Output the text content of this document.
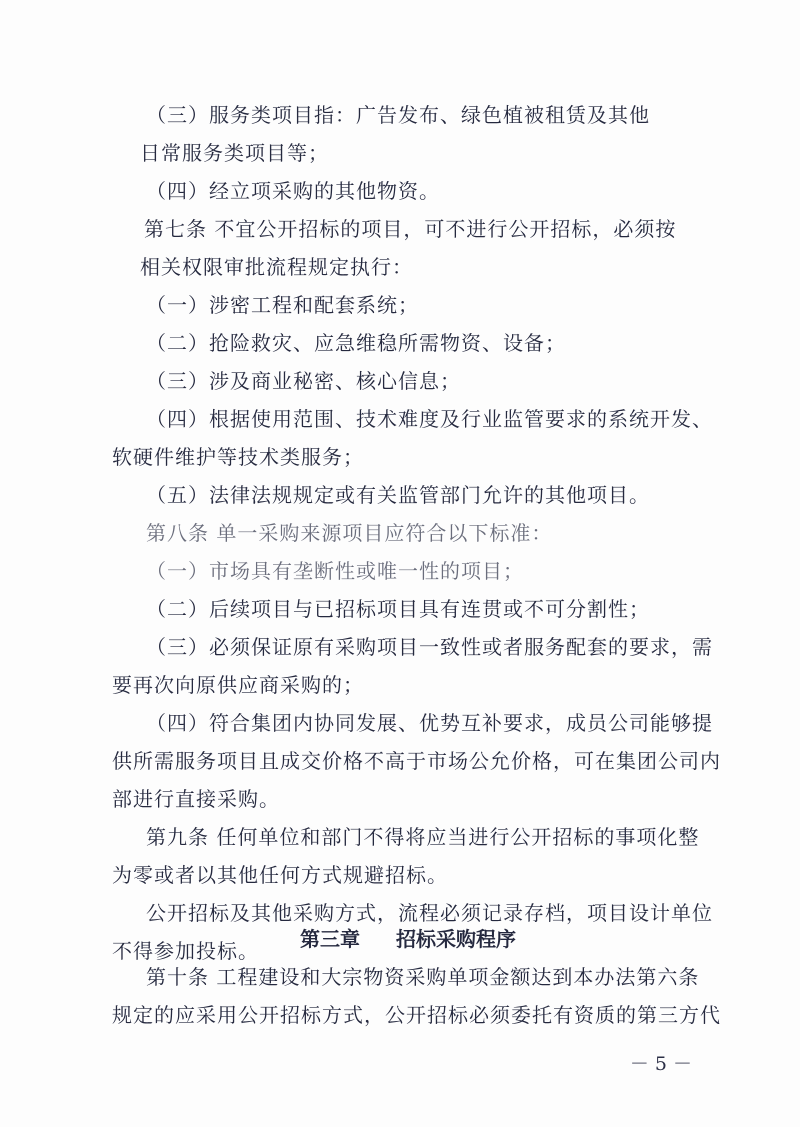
（三）服务类项目指：广告发布、绿色植被租赁及其他
日常服务类项目等；
（四）经立项采购的其他物资。
第七条 不宜公开招标的项目，可不进行公开招标，必须按
相关权限审批流程规定执行：
（一）涉密工程和配套系统；
（二）抢险救灾、应急维稳所需物资、设备；
（三）涉及商业秘密、核心信息；
（四）根据使用范围、技术难度及行业监管要求的系统开发、
软硬件维护等技术类服务；
（五）法律法规规定或有关监管部门允许的其他项目。
第八条 单一采购来源项目应符合以下标准：
（一）市场具有垄断性或唯一性的项目；
（二）后续项目与已招标项目具有连贯或不可分割性；
（三）必须保证原有采购项目一致性或者服务配套的要求，需
要再次向原供应商采购的；
（四）符合集团内协同发展、优势互补要求，成员公司能够提
供所需服务项目且成交价格不高于市场公允价格，可在集团公司内
部进行直接采购。
第九条 任何单位和部门不得将应当进行公开招标的事项化整
为零或者以其他任何方式规避招标。
公开招标及其他采购方式，流程必须记录存档，项目设计单位
不得参加投标。 第三章 招标采购程序
第十条 工程建设和大宗物资采购单项金额达到本办法第六条
规定的应采用公开招标方式，公开招标必须委托有资质的第三方代
－ 5 －
